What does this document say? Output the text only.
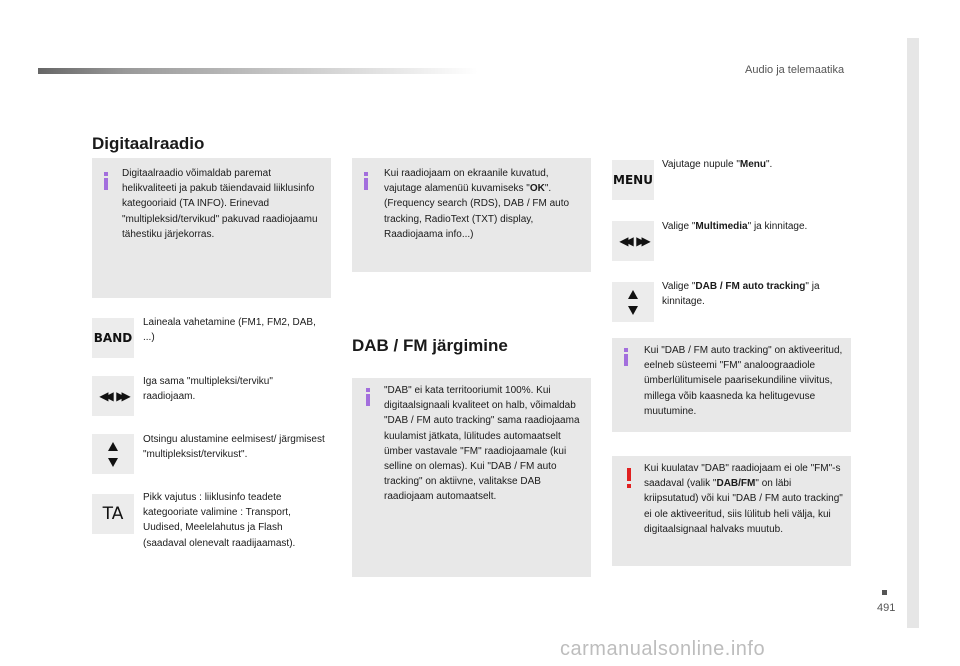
Audio ja telemaatika
491
Digitaalraadio
Digitaalraadio võimaldab paremat helikvaliteeti ja pakub täiendavaid liiklusinfo kategooriaid (TA INFO). Erinevad "multipleksid/tervikud" pakuvad raadiojaamu tähestiku järjekorras.
BAND
Laineala vahetamine (FM1, FM2, DAB, ...)
◀◀
▶▶
Iga sama "multipleksi/terviku" raadiojaam.
Otsingu alustamine eelmisest/ järgmisest "multipleksist/tervikust".
TA
Pikk vajutus : liiklusinfo teadete kategooriate valimine : Transport, Uudised, Meelelahutus ja Flash (saadaval olenevalt raadijaamast).
Kui raadiojaam on ekraanile kuvatud, vajutage alamenüü kuvamiseks "OK". (Frequency search (RDS), DAB / FM auto tracking, RadioText (TXT) display, Raadiojaama info...)
DAB / FM järgimine
"DAB" ei kata territooriumit 100%. Kui digitaalsignaali kvaliteet on halb, võimaldab "DAB / FM auto tracking" sama raadiojaama kuulamist jätkata, lülitudes automaatselt ümber vastavale "FM" raadiojaamale (kui selline on olemas). Kui "DAB / FM auto tracking" on aktiivne, valitakse DAB raadiojaam automaatselt.
MENU
Vajutage nupule "Menu".
◀◀
▶▶
Valige "Multimedia" ja kinnitage.
Valige "DAB / FM auto tracking" ja kinnitage.
Kui "DAB / FM auto tracking" on aktiveeritud, eelneb süsteemi "FM" analoograadiole ümberlülitumisele paarisekundiline viivitus, millega võib kaasneda ka helitugevuse muutumine.
Kui kuulatav "DAB" raadiojaam ei ole "FM"-s saadaval (valik "DAB/FM" on läbi kriipsutatud) või kui "DAB / FM auto tracking" ei ole aktiveeritud, siis lülitub heli välja, kui digitaalsignaal halvaks muutub.
carmanualsonline.info
